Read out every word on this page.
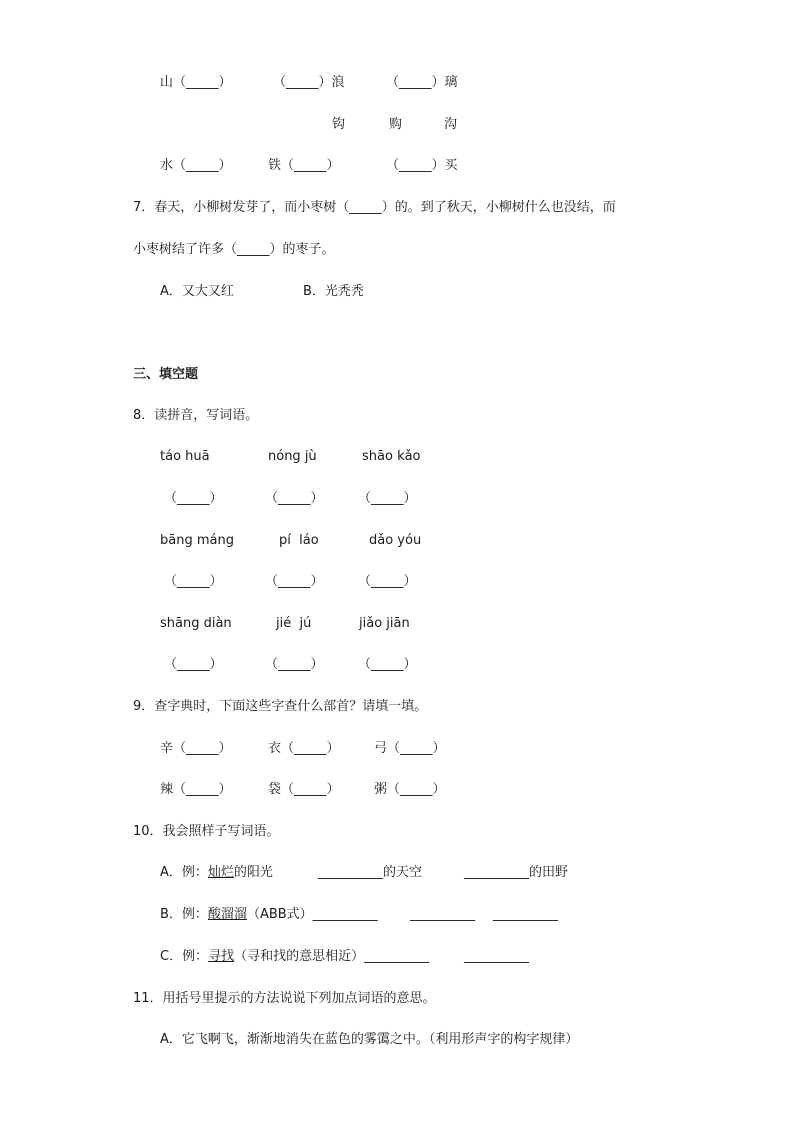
山（_____）	（_____）浪	（_____）璃
钩	购	沟
水（_____）	铁（_____）	（_____）买
7．春天，小柳树发芽了，而小枣树（_____）的。到了秋天，小柳树什么也没结，而
小枣树结了许多（_____）的枣子。
A．又大又红	B．光秃秃
三、填空题
8．读拼音，写词语。
táo huā	nóng jù	shāo kǎo
（_____）	（_____）	（_____）
bāng máng	pí  láo	dǎo yóu
（_____）	（_____）	（_____）
shāng diàn	jié  jú	jiǎo jiān
（_____）	（_____）	（_____）
9．查字典时，下面这些字查什么部首？请填一填。
辛（_____）	衣（_____）	弓（_____）
辣（_____）	袋（_____）	粥（_____）
10．我会照样子写词语。
A．例：灿烂的阳光	__________的天空	__________的田野
B．例：酸溜溜（ABB式）__________ __________ __________
C．例：寻找（寻和找的意思相近）__________	__________
11．用括号里提示的方法说说下列加点词语的意思。
A．它飞啊飞，渐渐地消失在蓝色的雾霭之中。（利用形声字的构字规律）
